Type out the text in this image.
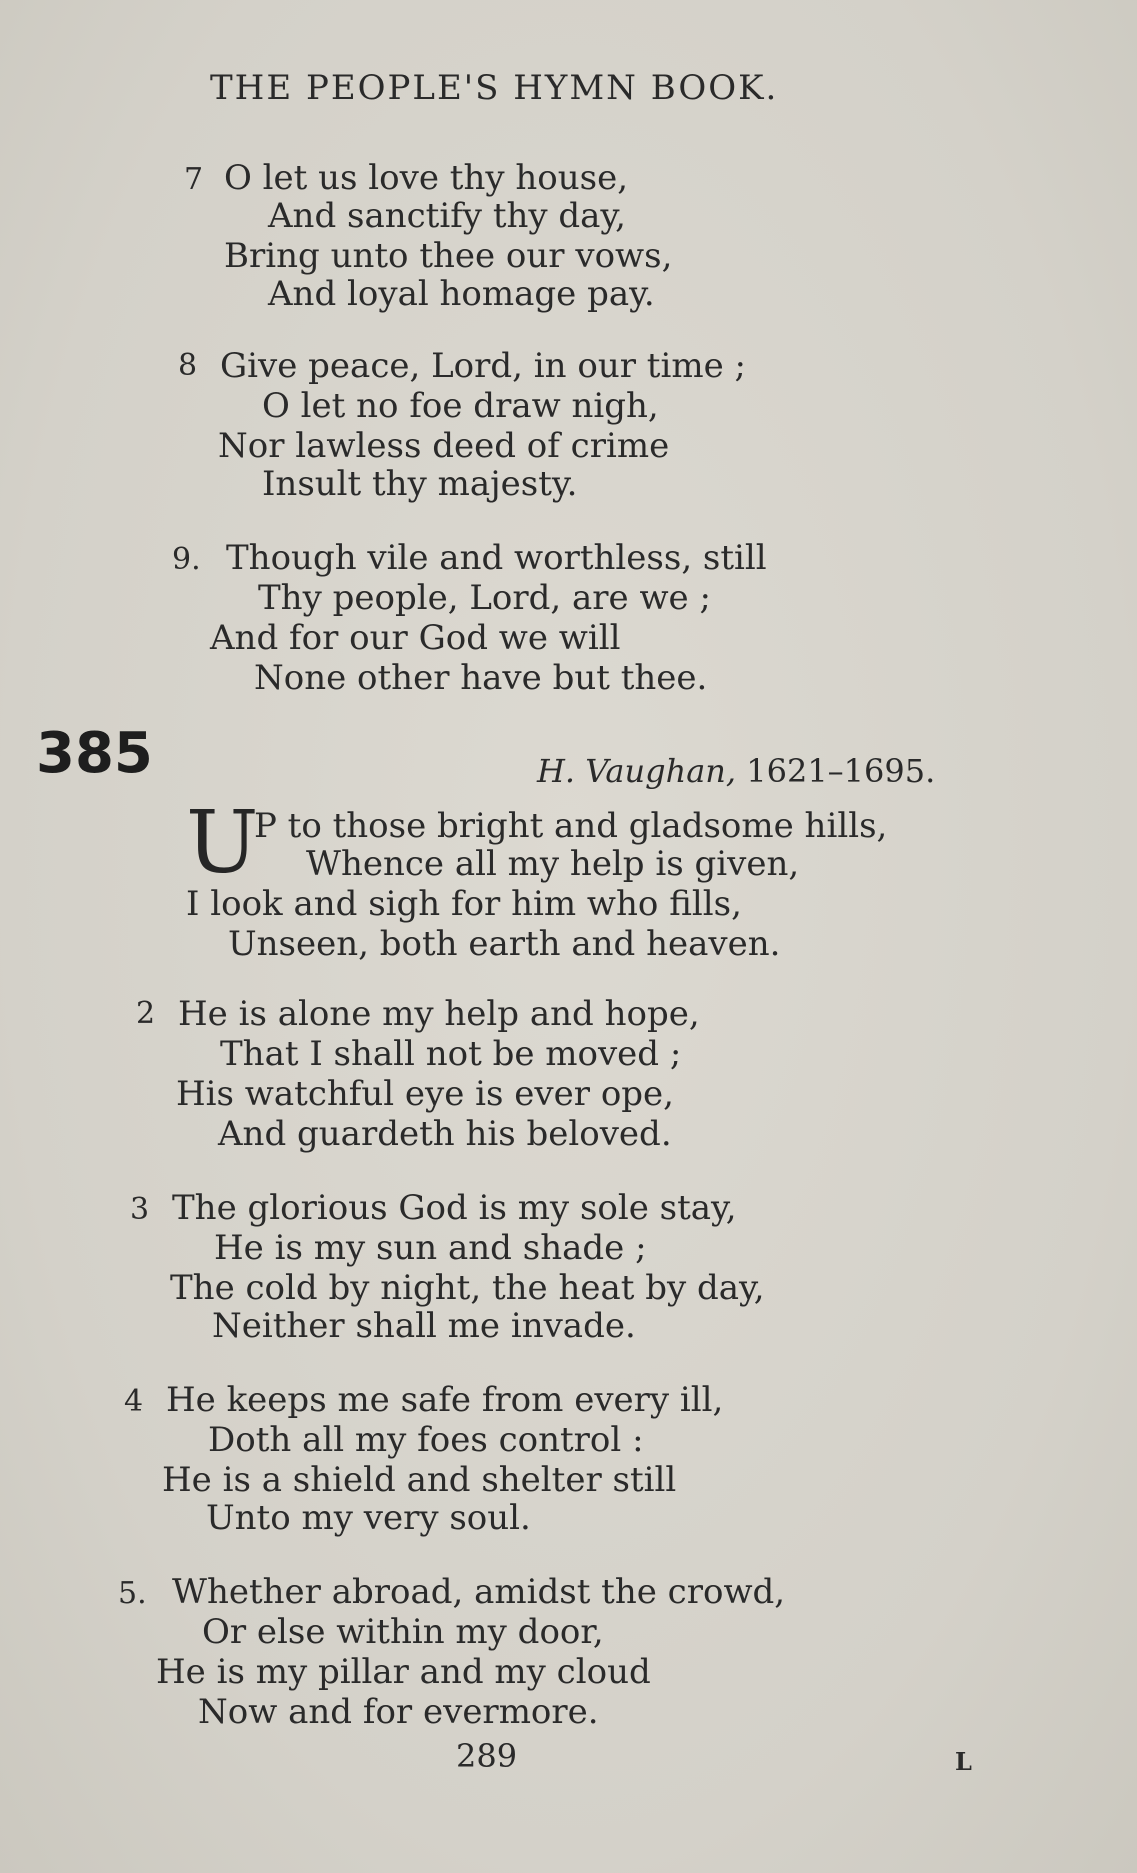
THE PEOPLE'S HYMN BOOK.
7 O let us love thy house,
And sanctify thy day,
Bring unto thee our vows,
And loyal homage pay.
8 Give peace, Lord, in our time ;
O let no foe draw nigh,
Nor lawless deed of crime
Insult thy majesty.
9. Though vile and worthless, still
Thy people, Lord, are we ;
And for our God we will
None other have but thee.
385	H. Vaughan, 1621–1695.
U
P to those bright and gladsome hills,
Whence all my help is given,
I look and sigh for him who fills,
Unseen, both earth and heaven.
2 He is alone my help and hope,
That I shall not be moved ;
His watchful eye is ever ope,
And guardeth his beloved.
3 The glorious God is my sole stay,
He is my sun and shade ;
The cold by night, the heat by day,
Neither shall me invade.
4 He keeps me safe from every ill,
Doth all my foes control :
He is a shield and shelter still
Unto my very soul.
5. Whether abroad, amidst the crowd,
Or else within my door,
He is my pillar and my cloud
Now and for evermore.
289	L
